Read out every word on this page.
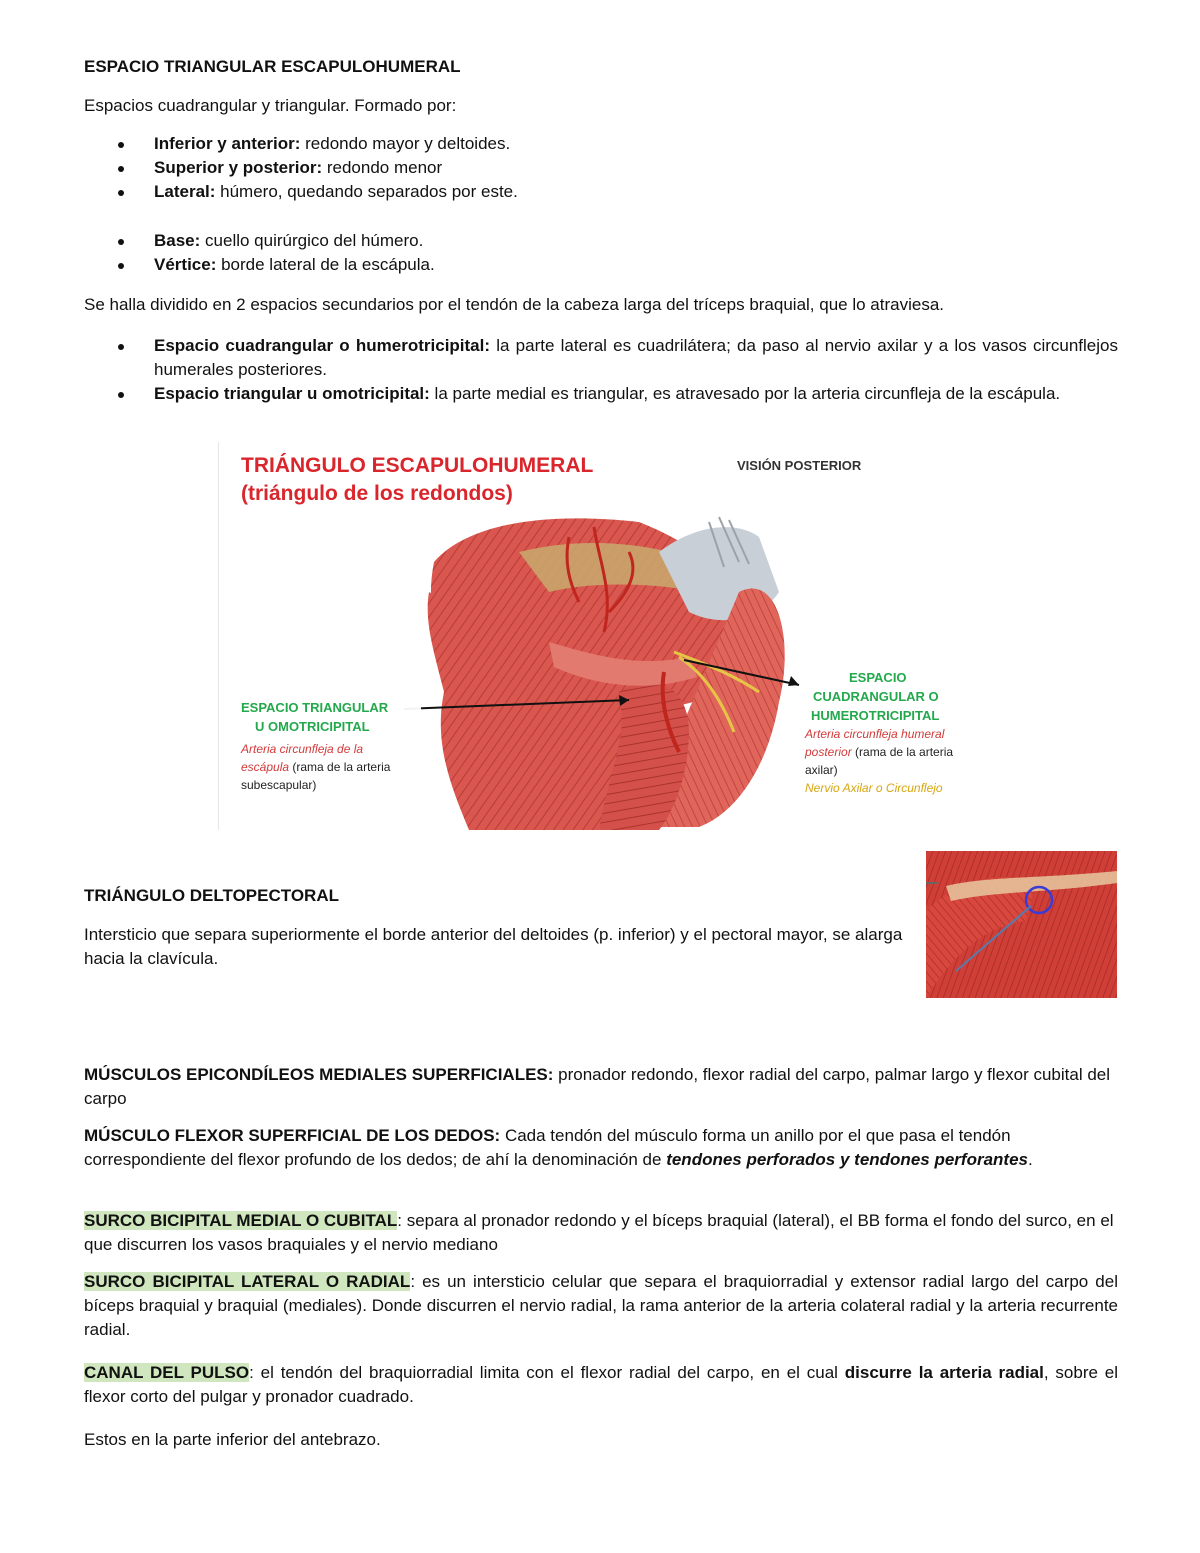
ESPACIO TRIANGULAR ESCAPULOHUMERAL
Espacios cuadrangular y triangular. Formado por:
Inferior y anterior: redondo mayor y deltoides.
Superior y posterior: redondo menor
Lateral: húmero, quedando separados por este.
Base: cuello quirúrgico del húmero.
Vértice: borde lateral de la escápula.
Se halla dividido en 2 espacios secundarios por el tendón de la cabeza larga del tríceps braquial, que lo atraviesa.
Espacio cuadrangular o humerotricipital: la parte lateral es cuadrilátera; da paso al nervio axilar y a los vasos circunflejos humerales posteriores.
Espacio triangular u omotricipital: la parte medial es triangular, es atravesado por la arteria circunfleja de la escápula.
TRIÁNGULO ESCAPULOHUMERAL
(triángulo de los redondos)
VISIÓN POSTERIOR
ESPACIO TRIANGULAR
U OMOTRICIPITAL
Arteria circunfleja de la
escápula (rama de la arteria
subescapular)
ESPACIO
CUADRANGULAR O
HUMEROTRICIPITAL
Arteria circunfleja humeral
posterior (rama de la arteria
axilar)
Nervio Axilar o Circunflejo
TRIÁNGULO DELTOPECTORAL
Intersticio que separa superiormente el borde anterior del deltoides (p. inferior) y el pectoral mayor, se alarga hacia la clavícula.
MÚSCULOS EPICONDÍLEOS MEDIALES SUPERFICIALES: pronador redondo, flexor radial del carpo, palmar largo y flexor cubital del carpo
MÚSCULO FLEXOR SUPERFICIAL DE LOS DEDOS: Cada tendón del músculo forma un anillo por el que pasa el tendón correspondiente del flexor profundo de los dedos; de ahí la denominación de tendones perforados y tendones perforantes.
SURCO BICIPITAL MEDIAL O CUBITAL: separa al pronador redondo y el bíceps braquial (lateral), el BB forma el fondo del surco, en el que discurren los vasos braquiales y el nervio mediano
SURCO BICIPITAL LATERAL O RADIAL: es un intersticio celular que separa el braquiorradial y extensor radial largo del carpo del bíceps braquial y braquial (mediales). Donde discurren el nervio radial, la rama anterior de la arteria colateral radial y la arteria recurrente radial.
CANAL DEL PULSO: el tendón del braquiorradial limita con el flexor radial del carpo, en el cual discurre la arteria radial, sobre el flexor corto del pulgar y pronador cuadrado.
Estos en la parte inferior del antebrazo.
